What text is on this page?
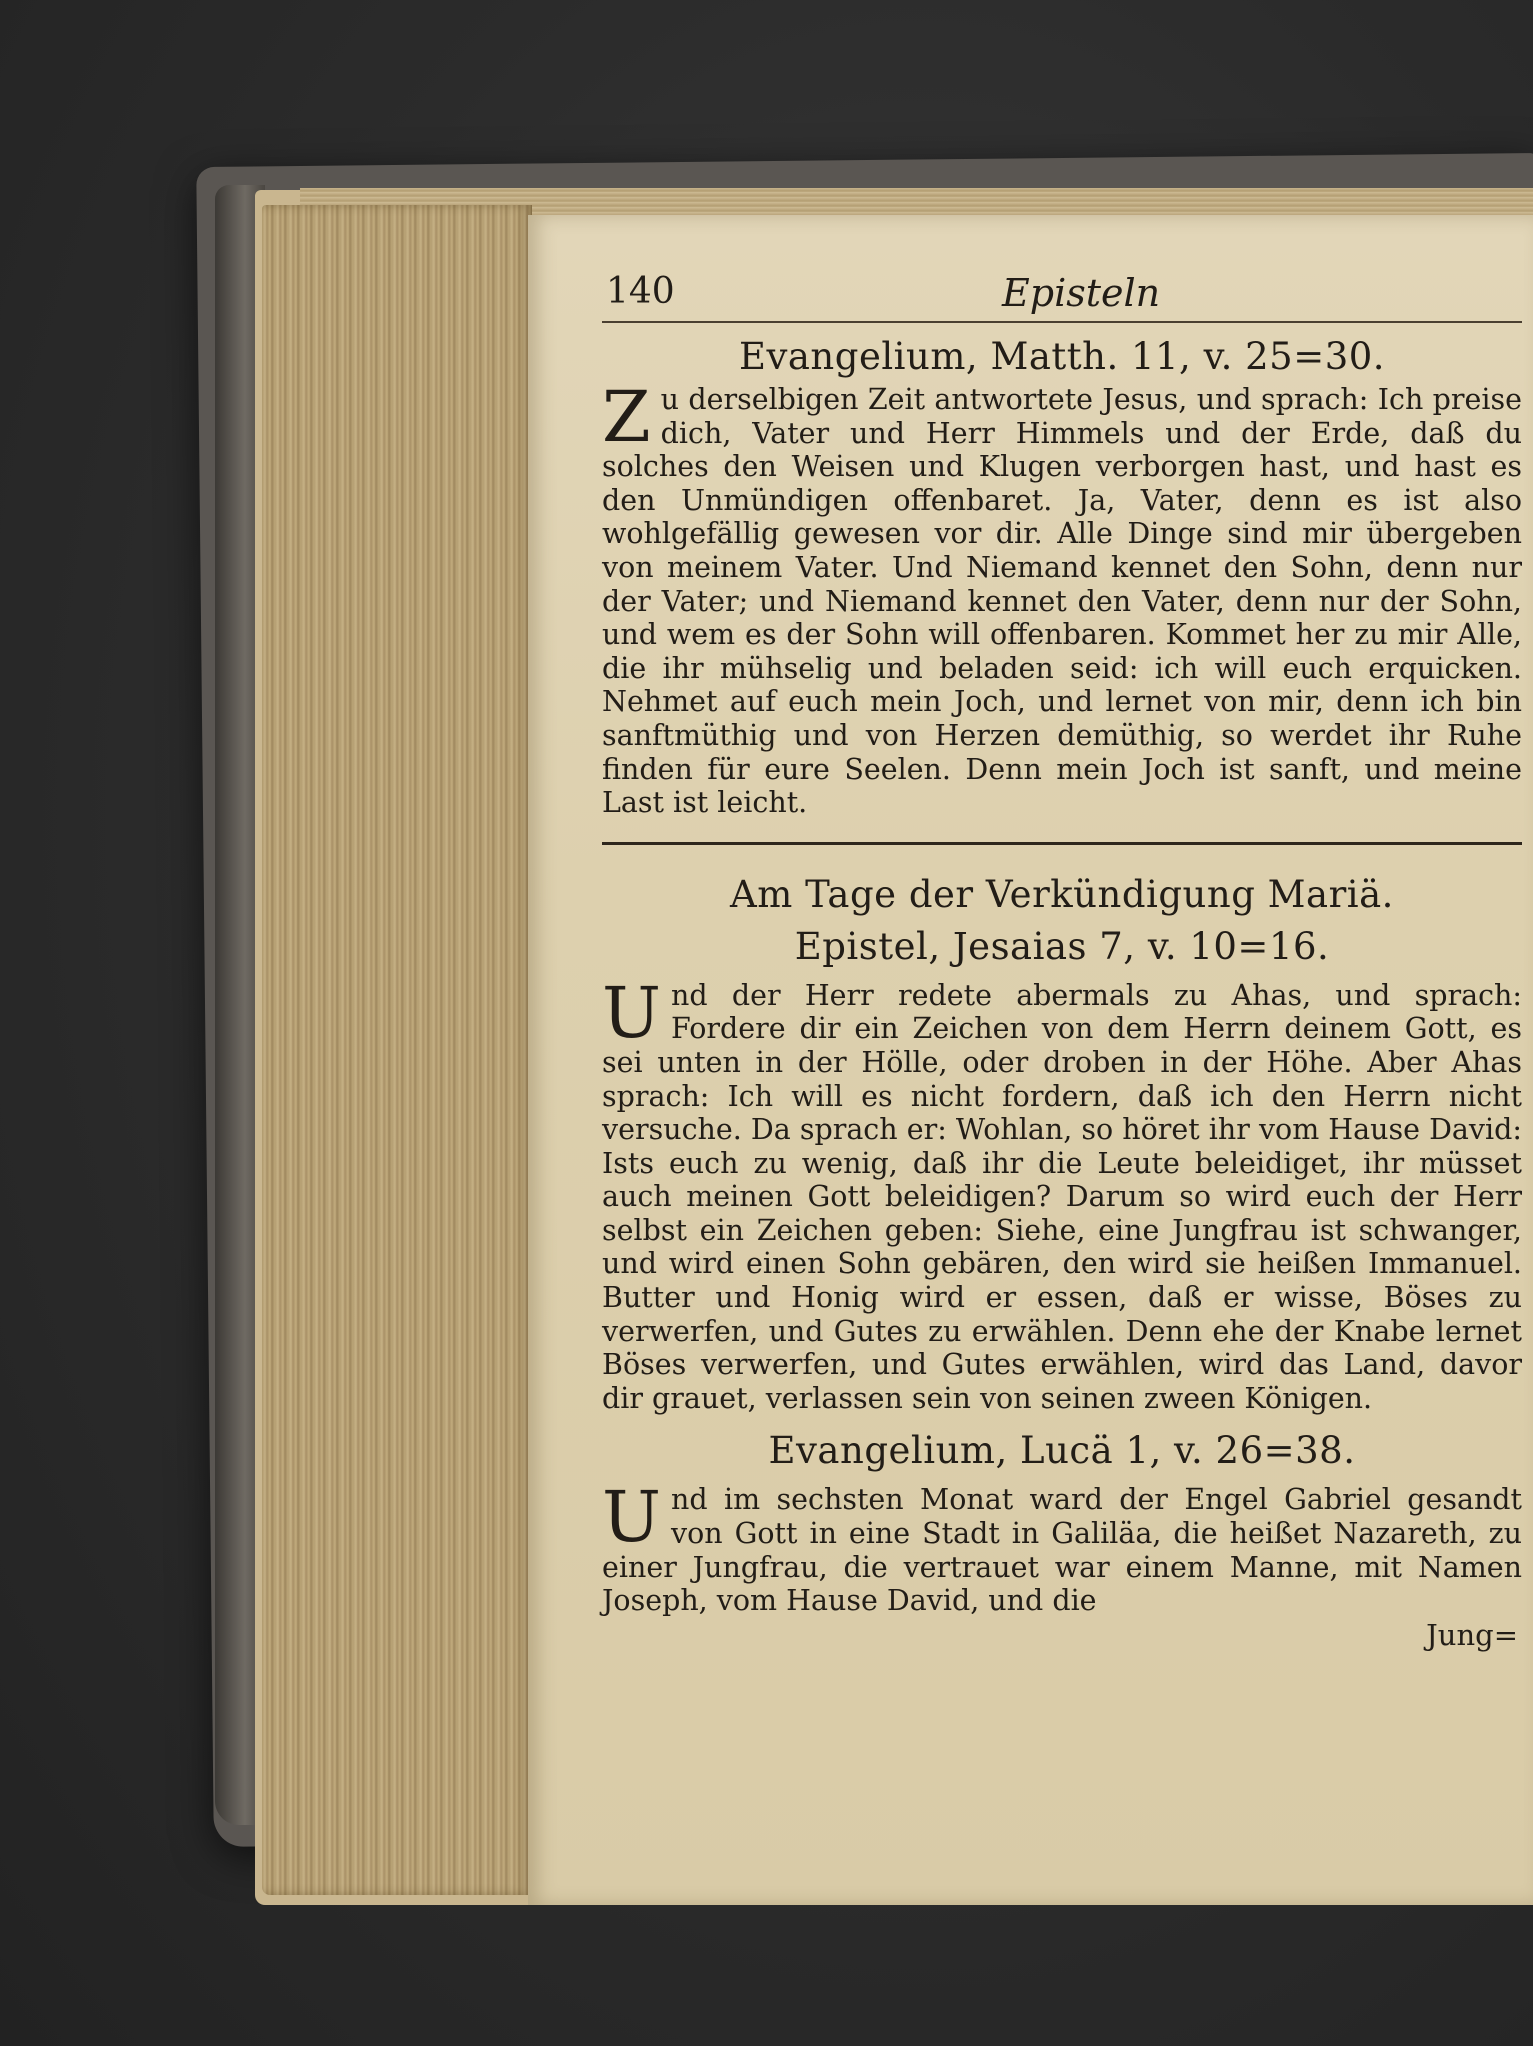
140	Episteln
Evangelium, Matth. 11, v. 25=30.

Zu derselbigen Zeit antwortete Jesus, und sprach: Ich preise dich, Vater und Herr Himmels und der Erde, daß du solches den Weisen und Klugen verborgen hast, und hast es den Unmündigen offenbaret. Ja, Vater, denn es ist also wohlgefällig gewesen vor dir. Alle Dinge sind mir übergeben von meinem Vater. Und Niemand kennet den Sohn, denn nur der Vater; und Niemand kennet den Vater, denn nur der Sohn, und wem es der Sohn will offenbaren. Kommet her zu mir Alle, die ihr mühselig und beladen seid: ich will euch erquicken. Nehmet auf euch mein Joch, und lernet von mir, denn ich bin sanftmüthig und von Herzen demüthig, so werdet ihr Ruhe finden für eure Seelen. Denn mein Joch ist sanft, und meine Last ist leicht.

Am Tage der Verkündigung Mariä.
Epistel, Jesaias 7, v. 10=16.

Und der Herr redete abermals zu Ahas, und sprach: Fordere dir ein Zeichen von dem Herrn deinem Gott, es sei unten in der Hölle, oder droben in der Höhe. Aber Ahas sprach: Ich will es nicht fordern, daß ich den Herrn nicht versuche. Da sprach er: Wohlan, so höret ihr vom Hause David: Ists euch zu wenig, daß ihr die Leute beleidiget, ihr müsset auch meinen Gott beleidigen? Darum so wird euch der Herr selbst ein Zeichen geben: Siehe, eine Jungfrau ist schwanger, und wird einen Sohn gebären, den wird sie heißen Immanuel. Butter und Honig wird er essen, daß er wisse, Böses zu verwerfen, und Gutes zu erwählen. Denn ehe der Knabe lernet Böses verwerfen, und Gutes erwählen, wird das Land, davor dir grauet, verlassen sein von seinen zween Königen.

Evangelium, Lucä 1, v. 26=38.

Und im sechsten Monat ward der Engel Gabriel gesandt von Gott in eine Stadt in Galiläa, die heißet Nazareth, zu einer Jungfrau, die vertrauet war einem Manne, mit Namen Joseph, vom Hause David, und die

Jung=
